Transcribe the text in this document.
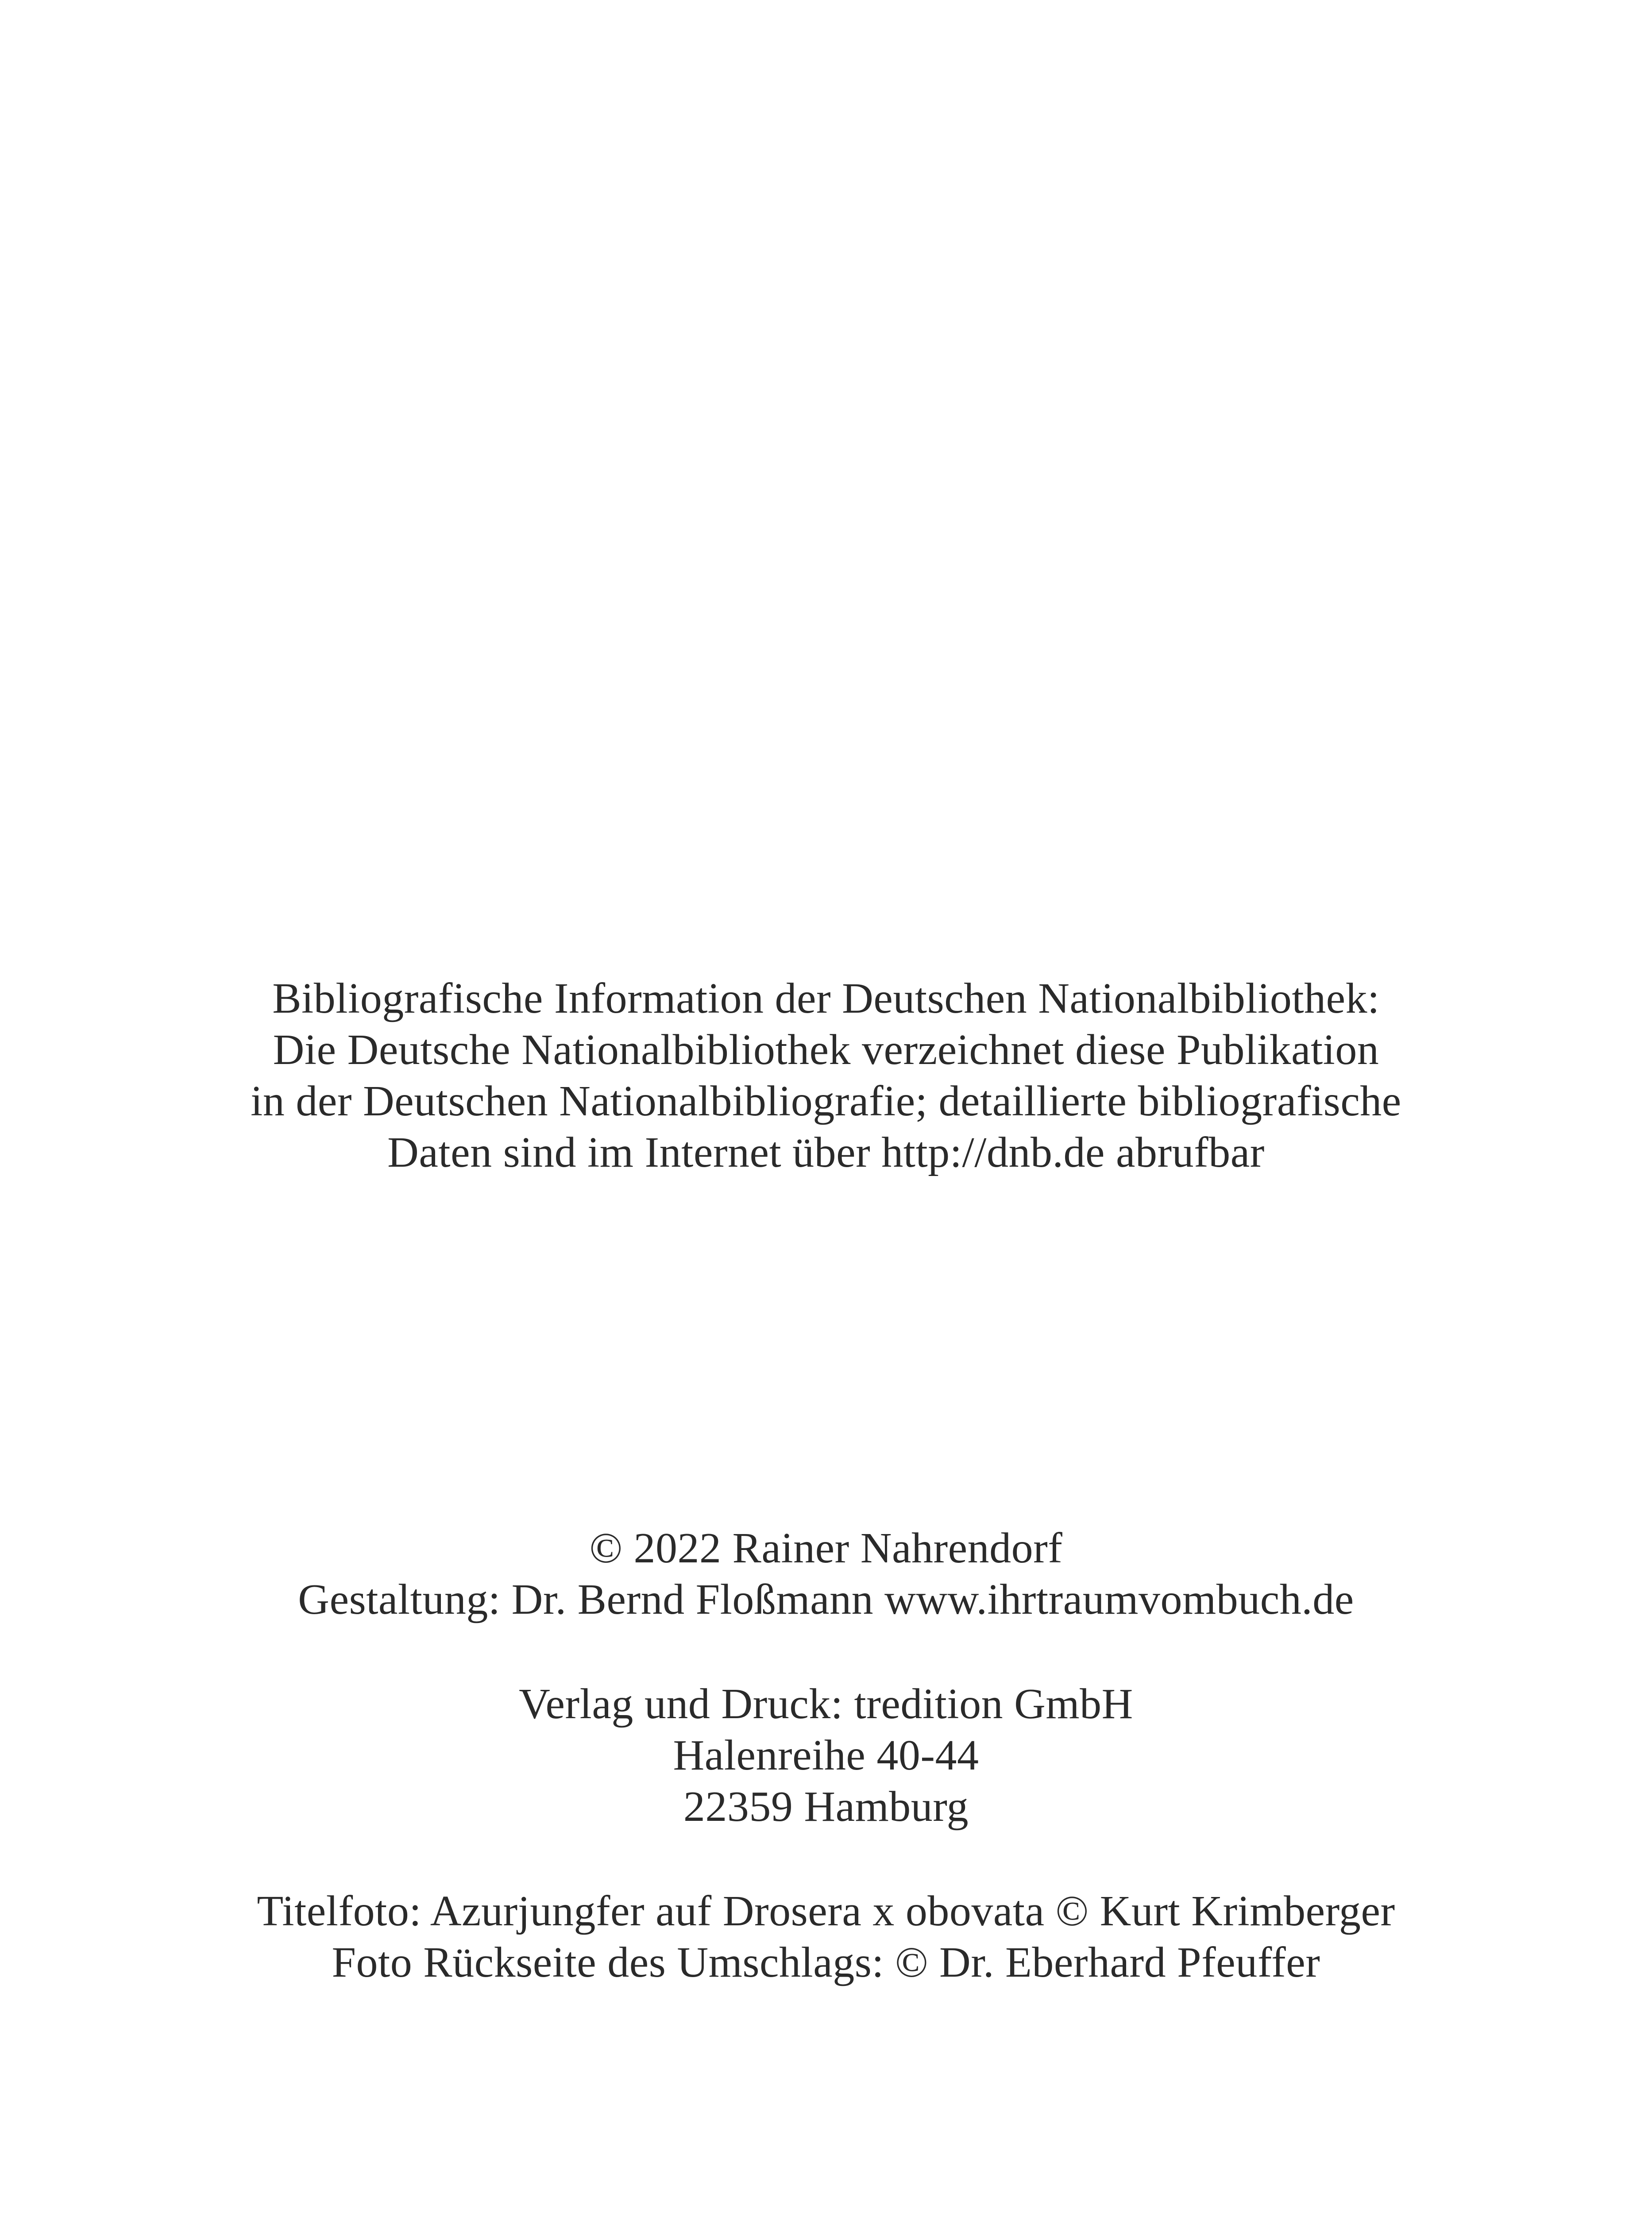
Bibliografische Information der Deutschen Nationalbibliothek:
Die Deutsche Nationalbibliothek verzeichnet diese Publikation
in der Deutschen Nationalbibliografie; detaillierte bibliografische
Daten sind im Internet über http://dnb.de abrufbar
© 2022 Rainer Nahrendorf
Gestaltung: Dr. Bernd Floßmann www.ihrtraumvombuch.de
Verlag und Druck: tredition GmbH
Halenreihe 40-44
22359 Hamburg
Titelfoto: Azurjungfer auf Drosera x obovata © Kurt Krimberger
Foto Rückseite des Umschlags: © Dr. Eberhard Pfeuffer
